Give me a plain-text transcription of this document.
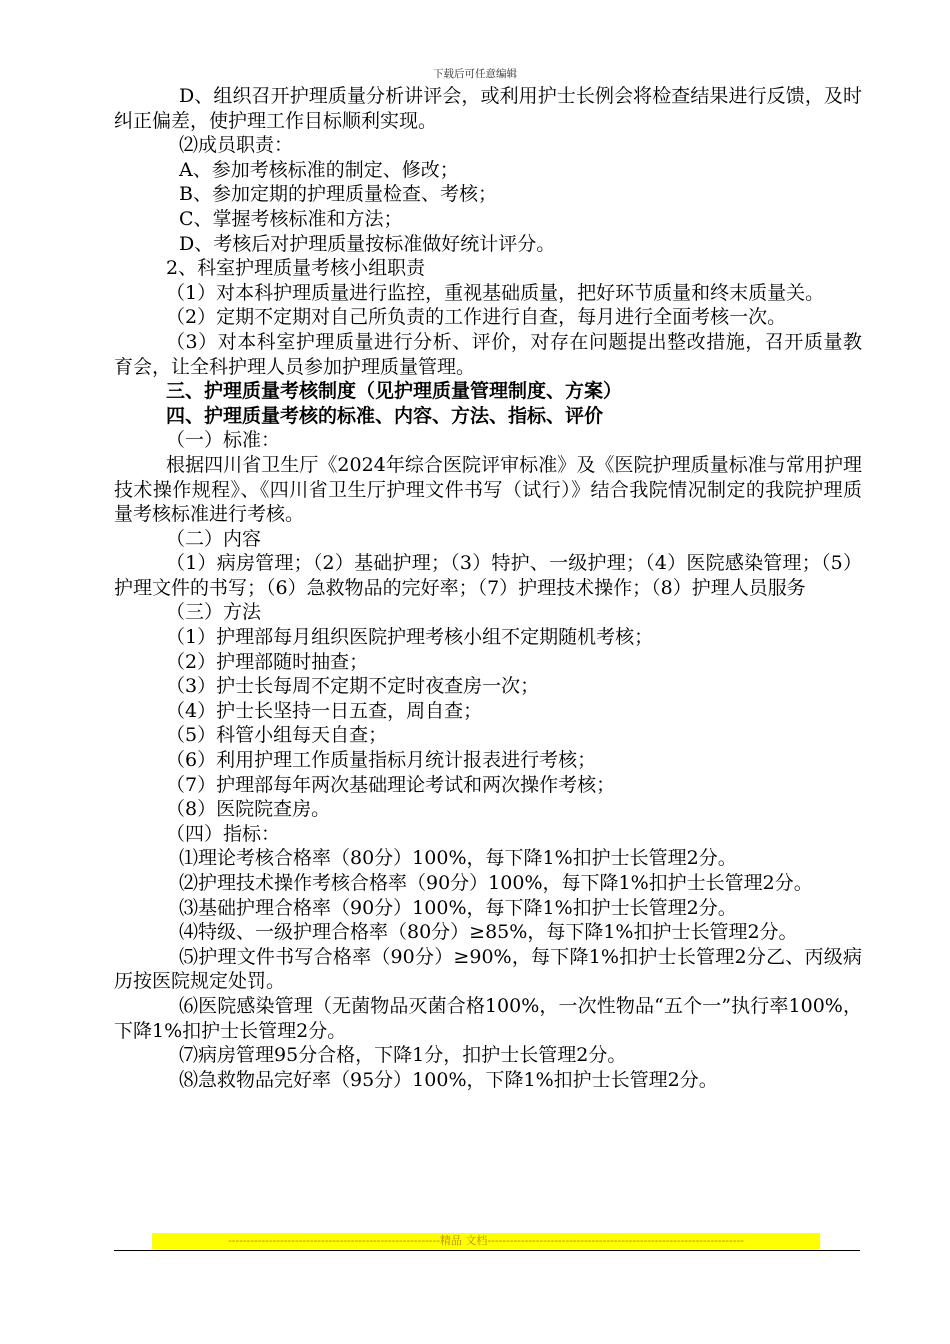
下载后可任意编辑

D、组织召开护理质量分析讲评会，或利用护士长例会将检查结果进行反馈，及时纠正偏差，使护理工作目标顺利实现。

⑵成员职责：

A、参加考核标准的制定、修改；

B、参加定期的护理质量检查、考核；

C、掌握考核标准和方法；

D、考核后对护理质量按标准做好统计评分。

2、科室护理质量考核小组职责

（1）对本科护理质量进行监控，重视基础质量，把好环节质量和终末质量关。

（2）定期不定期对自己所负责的工作进行自查，每月进行全面考核一次。

（3）对本科室护理质量进行分析、评价，对存在问题提出整改措施，召开质量教育会，让全科护理人员参加护理质量管理。

三、护理质量考核制度（见护理质量管理制度、方案）

四、护理质量考核的标准、内容、方法、指标、评价

（一）标准：

根据四川省卫生厅《2024年综合医院评审标准》及《医院护理质量标准与常用护理技术操作规程》、《四川省卫生厅护理文件书写（试行）》结合我院情况制定的我院护理质量考核标准进行考核。

（二）内容

（1）病房管理；（2）基础护理；（3）特护、一级护理；（4）医院感染管理；（5）护理文件的书写；（6）急救物品的完好率；（7）护理技术操作；（8）护理人员服务

（三）方法

（1）护理部每月组织医院护理考核小组不定期随机考核；

（2）护理部随时抽查；

（3）护士长每周不定期不定时夜查房一次；

（4）护士长坚持一日五查，周自查；

（5）科管小组每天自查；

（6）利用护理工作质量指标月统计报表进行考核；

（7）护理部每年两次基础理论考试和两次操作考核；

（8）医院院查房。

（四）指标：

⑴理论考核合格率（80分）100%，每下降1%扣护士长管理2分。

⑵护理技术操作考核合格率（90分）100%，每下降1%扣护士长管理2分。

⑶基础护理合格率（90分）100%，每下降1%扣护士长管理2分。

⑷特级、一级护理合格率（80分）≥85%，每下降1%扣护士长管理2分。

⑸护理文件书写合格率（90分）≥90%，每下降1%扣护士长管理2分乙、丙级病历按医院规定处罚。

⑹医院感染管理（无菌物品灭菌合格100%，一次性物品“五个一”执行率100%，下降1%扣护士长管理2分。

⑺病房管理95分合格，下降1分，扣护士长管理2分。

⑻急救物品完好率（95分）100%，下降1%扣护士长管理2分。

---------------------------------------------------------精品 文档---------------------------------------------------------------------
